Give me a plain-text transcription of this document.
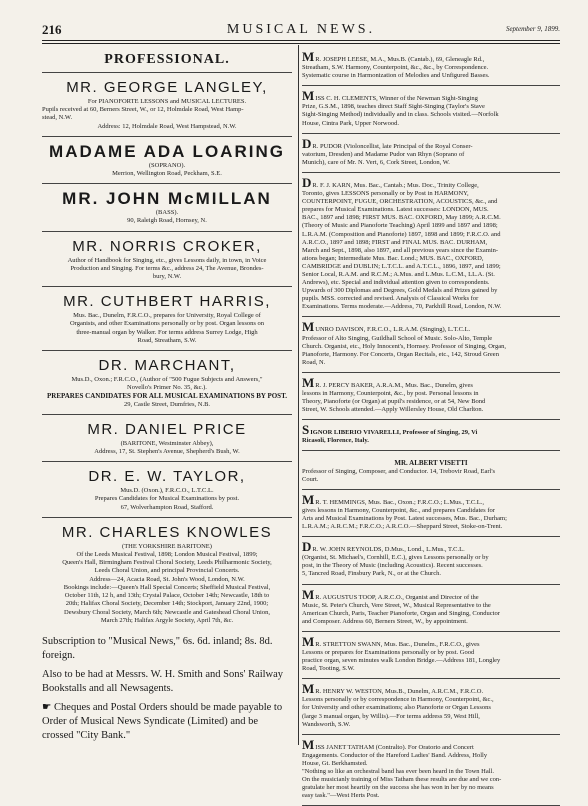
216	MUSICAL NEWS.	September 9, 1899.
PROFESSIONAL.
MR. GEORGE LANGLEY,
For PIANOFORTE LESSONS and MUSICAL LECTURES.
Pupils received at 60, Berners Street, W., or 12, Holmdale Road, West Hamp-
stead, N.W.
Address: 12, Holmdale Road, West Hampstead, N.W.
MADAME ADA LOARING
(SOPRANO).
Merrion, Wellington Road, Peckham, S.E.
MR. JOHN McMILLAN
(BASS).
90, Raleigh Road, Hornsey, N.
MR. NORRIS CROKER,
Author of Handbook for Singing, etc., gives Lessons daily, in town, in Voice
Production and Singing. For terms &c., address 24, The Avenue, Brondes-
bury, N.W.
MR. CUTHBERT HARRIS,
Mus. Bac., Dunelm, F.R.C.O., prepares for University, Royal College of
Organists, and other Examinations personally or by post. Organ lessons on
three-manual organ by Walker. For terms address Surrey Lodge, High
Road, Streatham, S.W.
DR. MARCHANT,
Mus.D., Oxon.; F.R.C.O., (Author of "500 Fugue Subjects and Answers,"
Novello's Primer No. 35, &c.).
PREPARES CANDIDATES FOR ALL MUSICAL EXAMINATIONS BY POST.
29, Castle Street, Dumfries, N.B.
MR. DANIEL PRICE
(BARITONE, Westminster Abbey),
Address, 17, St. Stephen's Avenue, Shepherd's Bush, W.
DR. E. W. TAYLOR,
Mus.D. (Oxon.), F.R.C.O., L.T.C.L.
Prepares Candidates for Musical Examinations by post.
67, Wolverhampton Road, Stafford.
MR. CHARLES KNOWLES
(THE YORKSHIRE BARITONE)
Of the Leeds Musical Festival, 1898; London Musical Festival, 1899;
Queen's Hall, Birmingham Festival Choral Society, Leeds Philharmonic Society,
Leeds Choral Union, and principal Provincial Concerts.
Address—24, Acacia Road, St. John's Wood, London, N.W.
Bookings include:—Queen's Hall Special Concerts; Sheffield Musical Festival,
October 11th, 12 h, and 13th; Crystal Palace, October 14th; Newcastle, 18th to
20th; Halifax Choral Society, December 14th; Stockport, January 22nd, 1900;
Dewsbury Choral Society, March 6th; Newcastle and Gateshead Choral Union,
March 27th; Halifax Argyle Society, April 7th, &c.

Subscription to "Musical News," 6s. 6d. inland; 8s. 8d. foreign.

Also to be had at Messrs. W. H. Smith and Sons' Railway Bookstalls and all Newsagents.

☛ Cheques and Postal Orders should be made payable to Order of Musical News Syndicate (Limited) and be crossed "City Bank."

MR. JOSEPH LEESE, M.A., Mus.B. (Cantab.), 69, Gleneagle Rd.,
Streatham, S.W. Harmony, Counterpoint, &c., &c., by Correspondence.
Systematic course in Harmonization of Melodies and Unfigured Basses.
MISS C. H. CLEMENTS, Winner of the Newman Sight-Singing
Prize, G.S.M., 1898, teaches direct Staff Sight-Singing (Taylor's Stave
Sight-Singing Method) individually and in class. Schools visited.—Norfolk
House, Cintra Park, Upper Norwood.
DR. PUDOR (Violoncellist, late Principal of the Royal Conser-
vatorium, Dresden) and Madame Pudor van Rhyn (Soprano of
Munich), care of Mr. N. Vert, 6, Cork Street, London, W.
DR. F. J. KARN, Mus. Bac., Cantab.; Mus. Doc., Trinity College,
Toronto, gives LESSONS personally or by Post in HARMONY,
COUNTERPOINT, FUGUE, ORCHESTRATION, ACOUSTICS, &c., and
prepares for Musical Examinations. Latest successes: LONDON, MUS.
BAC., 1897 and 1898; FIRST MUS. BAC. OXFORD, May 1899; A.R.C.M.
(Theory of Music and Pianoforte Teaching) April 1899 and 1897 and 1898;
L.R.A.M. (Composition and Pianoforte) 1897, 1898 and 1899; F.R.C.O. and
A.R.C.O., 1897 and 1898; FIRST and FINAL MUS. BAC. DURHAM,
March and Sept., 1898, also 1897, and all previous years since the Examin-
ations began; Intermediate Mus. Bac. Lond.; MUS. BAC., OXFORD,
CAMBRIDGE and DUBLIN; L.T.C.L. and A.T.C.L., 1896, 1897, and 1899;
Senior Local, R.A.M. and R.C.M.; A.Mus. and L.Mus. L.C.M., LL.A. (St.
Andrews), etc. Special and individual attention given to correspondents.
Upwards of 300 Diplomas and Degrees, Gold Medals and Prizes gained by
pupils. MSS. corrected and revised. Analysis of Classical Works for
Examinations. Terms moderate.—Address, 70, Parkhill Road, London, N.W.
MUNRO DAVISON, F.R.C.O., L.R.A.M. (Singing), L.T.C.L.
Professor of Alto Singing, Guildhall School of Music. Solo-Alto, Temple
Church. Organist, etc., Holy Innocent's, Hornsey. Professor of Singing, Organ,
Pianoforte, Harmony. For Concerts, Organ Recitals, etc., 142, Stroud Green
Road, N.
MR. J. PERCY BAKER, A.R.A.M., Mus. Bac., Dunelm, gives
lessons in Harmony, Counterpoint, &c., by post. Personal lessons in
Theory, Pianoforte (or Organ) at pupil's residence, or at 54, New Bond
Street, W. Schools attended.—Apply Willersley House, Old Charlton.
SIGNOR LIBERIO VIVARELLI, Professor of Singing, 29, Vi
Ricasoli, Florence, Italy.
MR. ALBERT VISETTI
Professor of Singing, Composer, and Conductor. 14, Trebovir Road, Earl's
Court.
MR. T. HEMMINGS, Mus. Bac., Oxon.; F.R.C.O.; L.Mus., T.C.L.,
gives lessons in Harmony, Counterpoint, &c., and prepares Candidates for
Arts and Musical Examinations by Post. Latest successes, Mus. Bac., Durham;
L.R.A.M.; A.R.C.M.; F.R.C.O.; A.R.C.O.—Sheppard Street, Stoke-on-Trent.
DR. W. JOHN REYNOLDS, D.Mus., Lond., L.Mus., T.C.L.
(Organist, St. Michael's, Cornhill, E.C.), gives Lessons personally or by
post, in the Theory of Music (including Acoustics). Recent successes.
5, Tancred Road, Finsbury Park, N., or at the Church.
MR. AUGUSTUS TOOP, A.R.C.O., Organist and Director of the
Music, St. Peter's Church, Vere Street, W., Musical Representative to the
American Church, Paris, Teacher Pianoforte, Organ and Singing, Conductor
and Composer. Address 60, Berners Street, W., by appointment.
MR. STRETTON SWANN, Mus. Bac., Dunelm., F.R.C.O., gives
Lessons or prepares for Examinations personally or by post. Good
practice organ, seven minutes walk London Bridge.—Address 181, Longley
Road, Tooting, S.W.
MR. HENRY W. WESTON, Mus.B., Dunelm, A.R.C.M., F.R.C.O.
Lessons personally or by correspondence in Harmony, Counterpoint, &c.,
for University and other examinations; also Pianoforte or Organ Lessons
(large 3 manual organ, by Willis).—For terms address 59, West Hill,
Wandsworth, S.W.
MISS JANET TATHAM (Contralto). For Oratorio and Concert
Engagements. Conductor of the Hareford Ladies' Band. Address, Holly
House, Gt. Berkhamsted.
"Nothing so like an orchestral band has ever been heard in the Town Hall.
On the musicianly training of Miss Tatham these results are due and we con-
gratulate her most heartily on the success she has won in her by no means
easy task."—West Herts Post.
